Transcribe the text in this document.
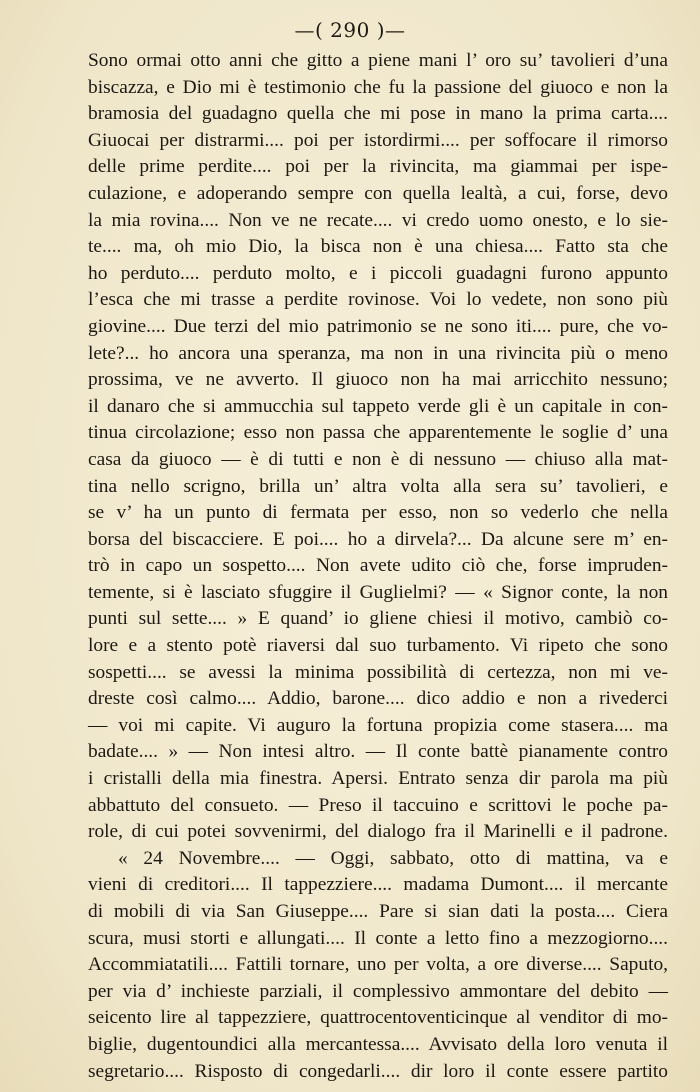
—( 290 )—
Sono ormai otto anni che gitto a piene mani l’ oro su’ tavolieri d’una
biscazza, e Dio mi è testimonio che fu la passione del giuoco e non la
bramosia del guadagno quella che mi pose in mano la prima carta....
Giuocai per distrarmi.... poi per istordirmi.... per soffocare il rimorso
delle prime perdite.... poi per la rivincita, ma giammai per ispe-
culazione, e adoperando sempre con quella lealtà, a cui, forse, devo
la mia rovina.... Non ve ne recate.... vi credo uomo onesto, e lo sie-
te.... ma, oh mio Dio, la bisca non è una chiesa.... Fatto sta che
ho perduto.... perduto molto, e i piccoli guadagni furono appunto
l’esca che mi trasse a perdite rovinose. Voi lo vedete, non sono più
giovine.... Due terzi del mio patrimonio se ne sono iti.... pure, che vo-
lete?... ho ancora una speranza, ma non in una rivincita più o meno
prossima, ve ne avverto. Il giuoco non ha mai arricchito nessuno;
il danaro che si ammucchia sul tappeto verde gli è un capitale in con-
tinua circolazione; esso non passa che apparentemente le soglie d’ una
casa da giuoco — è di tutti e non è di nessuno — chiuso alla mat-
tina nello scrigno, brilla un’ altra volta alla sera su’ tavolieri, e
se v’ ha un punto di fermata per esso, non so vederlo che nella
borsa del biscacciere. E poi.... ho a dirvela?... Da alcune sere m’ en-
trò in capo un sospetto.... Non avete udito ciò che, forse impruden-
temente, si è lasciato sfuggire il Guglielmi? — « Signor conte, la non
punti sul sette.... » E quand’ io gliene chiesi il motivo, cambiò co-
lore e a stento potè riaversi dal suo turbamento. Vi ripeto che sono
sospetti.... se avessi la minima possibilità di certezza, non mi ve-
dreste così calmo.... Addio, barone.... dico addio e non a rivederci
— voi mi capite. Vi auguro la fortuna propizia come stasera.... ma
badate.... » — Non intesi altro. — Il conte battè pianamente contro
i cristalli della mia finestra. Apersi. Entrato senza dir parola ma più
abbattuto del consueto. — Preso il taccuino e scrittovi le poche pa-
role, di cui potei sovvenirmi, del dialogo fra il Marinelli e il padrone.
« 24 Novembre.... — Oggi, sabbato, otto di mattina, va e
vieni di creditori.... Il tappezziere.... madama Dumont.... il mercante
di mobili di via San Giuseppe.... Pare si sian dati la posta.... Ciera
scura, musi storti e allungati.... Il conte a letto fino a mezzogiorno....
Accommiatatili.... Fattili tornare, uno per volta, a ore diverse.... Saputo,
per via d’ inchieste parziali, il complessivo ammontare del debito —
seicento lire al tappezziere, quattrocentoventicinque al venditor di mo-
biglie, dugentoundici alla mercantessa.... Avvisato della loro venuta il
segretario.... Risposto di congedarli.... dir loro il conte essere partito
